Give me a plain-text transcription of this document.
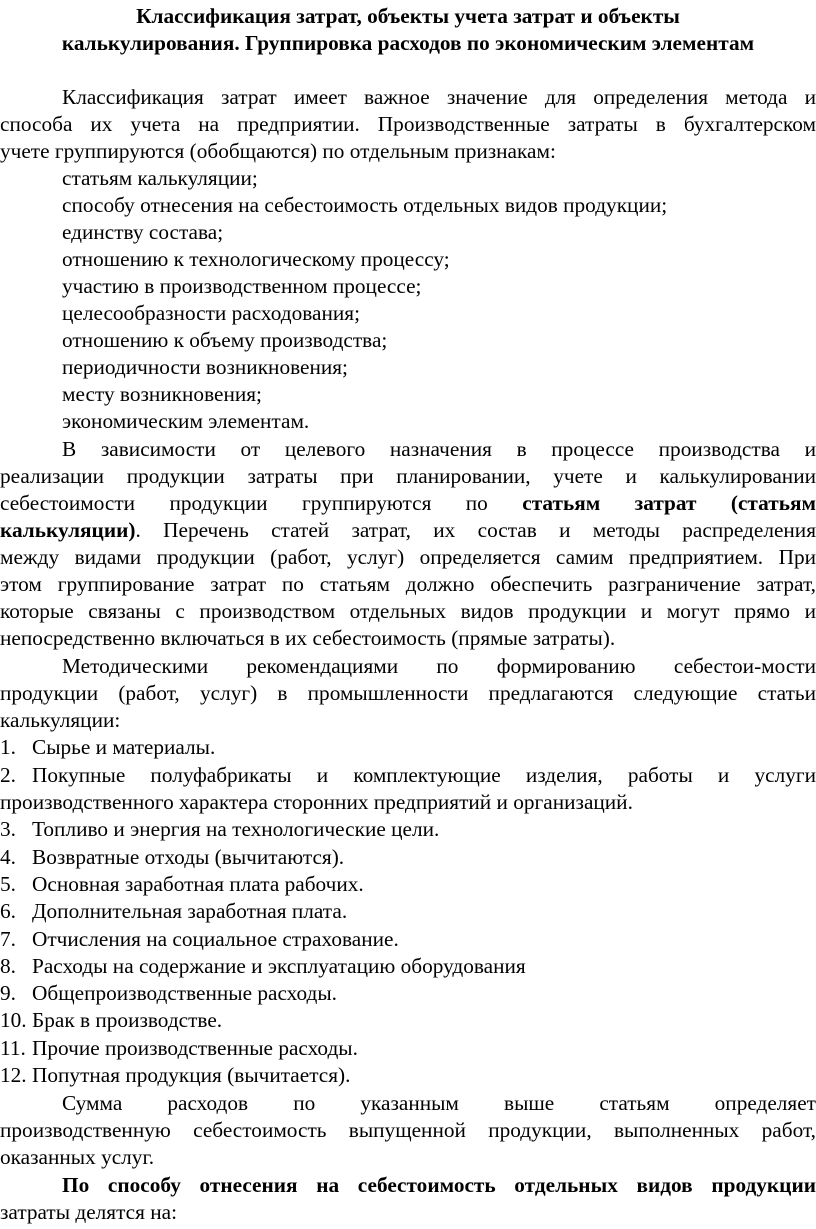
Классификация затрат, объекты учета затрат и объекты
калькулирования. Группировка расходов по экономическим элементам
Классификация затрат имеет важное значение для определения метода и
способа их учета на предприятии. Производственные затраты в бухгалтерском
учете группируются (обобщаются) по отдельным признакам:
статьям калькуляции;
способу отнесения на себестоимость отдельных видов продукции;
единству состава;
отношению к технологическому процессу;
участию в производственном процессе;
целесообразности расходования;
отношению к объему производства;
периодичности возникновения;
месту возникновения;
экономическим элементам.
В зависимости от целевого назначения в процессе производства и
реализации продукции затраты при планировании, учете и калькулировании
себестоимости продукции группируются по статьям затрат (статьям
калькуляции). Перечень статей затрат, их состав и методы распределения
между видами продукции (работ, услуг) определяется самим предприятием. При
этом группирование затрат по статьям должно обеспечить разграничение затрат,
которые связаны с производством отдельных видов продукции и могут прямо и
непосредственно включаться в их себестоимость (прямые затраты).
Методическими рекомендациями по формированию себестои-мости
продукции (работ, услуг) в промышленности предлагаются следующие статьи
калькуляции:
1. Сырье и материалы.
2. Покупные полуфабрикаты и комплектующие изделия, работы и услуги
производственного характера сторонних предприятий и организаций.
3. Топливо и энергия на технологические цели.
4. Возвратные отходы (вычитаются).
5. Основная заработная плата рабочих.
6. Дополнительная заработная плата.
7. Отчисления на социальное страхование.
8. Расходы на содержание и эксплуатацию оборудования
9. Общепроизводственные расходы.
10. Брак в производстве.
11. Прочие производственные расходы.
12. Попутная продукция (вычитается).
Сумма расходов по указанным выше статьям определяет
производственную себестоимость выпущенной продукции, выполненных работ,
оказанных услуг.
По способу отнесения на себестоимость отдельных видов продукции
затраты делятся на:
